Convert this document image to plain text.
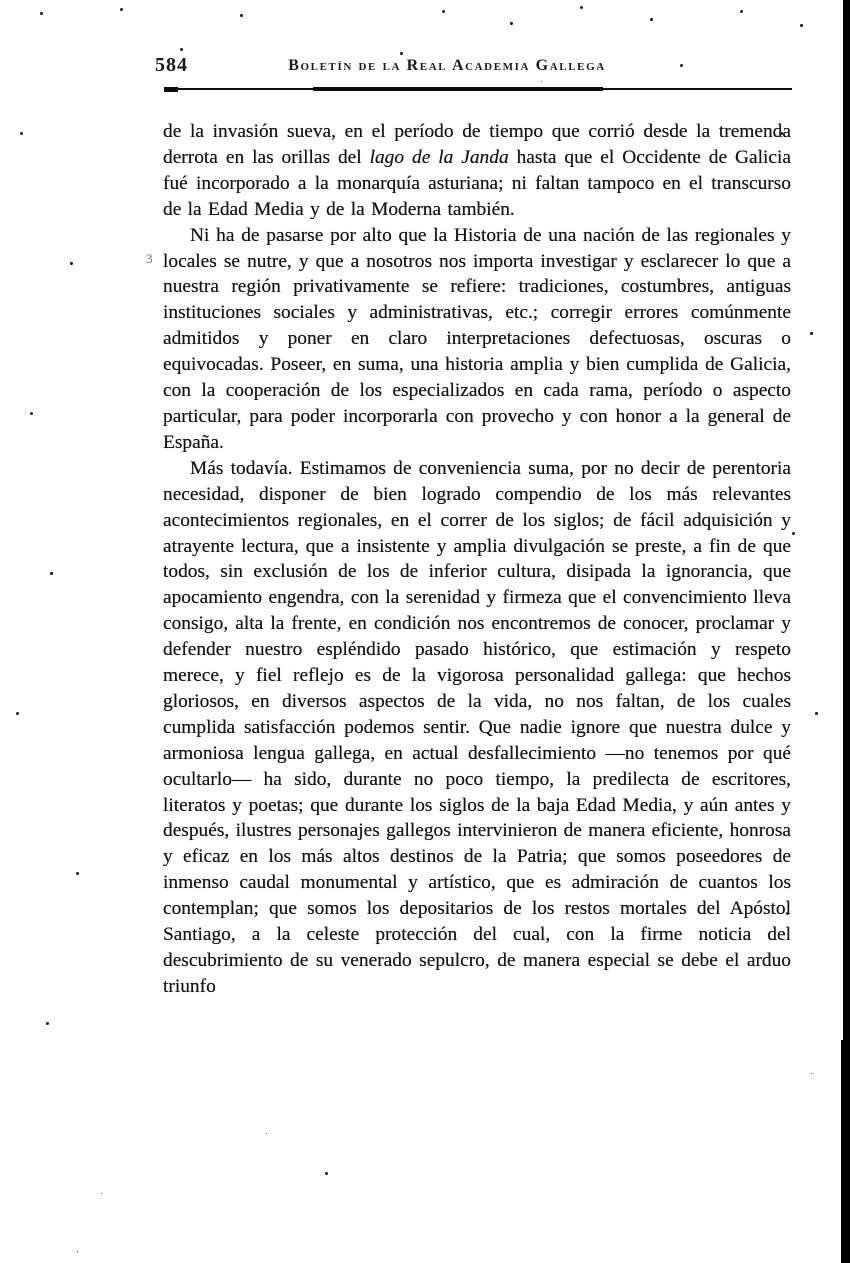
584	Boletín de la Real Academia Gallega
3

de la invasión sueva, en el período de tiempo que corrió desde la tremenda derrota en las orillas del lago de la Janda hasta que el Occidente de Galicia fué incorporado a la monarquía asturiana; ni faltan tampoco en el transcurso de la Edad Media y de la Moderna también.

Ni ha de pasarse por alto que la Historia de una nación de las regionales y locales se nutre, y que a nosotros nos importa investigar y esclarecer lo que a nuestra región privativamente se refiere: tradiciones, costumbres, antiguas instituciones sociales y administrativas, etc.; corregir errores comúnmente admitidos y poner en claro interpretaciones defectuosas, oscuras o equivocadas. Poseer, en suma, una historia amplia y bien cumplida de Galicia, con la cooperación de los especializados en cada rama, período o aspecto particular, para poder incorporarla con provecho y con honor a la general de España.

Más todavía. Estimamos de conveniencia suma, por no decir de perentoria necesidad, disponer de bien logrado compendio de los más relevantes acontecimientos regionales, en el correr de los siglos; de fácil adquisición y atrayente lectura, que a insistente y amplia divulgación se preste, a fin de que todos, sin exclusión de los de inferior cultura, disipada la ignorancia, que apocamiento engendra, con la serenidad y firmeza que el convencimiento lleva consigo, alta la frente, en condición nos encontremos de conocer, proclamar y defender nuestro espléndido pasado histórico, que estimación y respeto merece, y fiel reflejo es de la vigorosa personalidad gallega: que hechos gloriosos, en diversos aspectos de la vida, no nos faltan, de los cuales cumplida satisfacción podemos sentir. Que nadie ignore que nuestra dulce y armoniosa lengua gallega, en actual desfallecimiento —no tenemos por qué ocultarlo— ha sido, durante no poco tiempo, la predilecta de escritores, literatos y poetas; que durante los siglos de la baja Edad Media, y aún antes y después, ilustres personajes gallegos intervinieron de manera eficiente, honrosa y eficaz en los más altos destinos de la Patria; que somos poseedores de inmenso caudal monumental y artístico, que es admiración de cuantos los contemplan; que somos los depositarios de los restos mortales del Apóstol Santiago, a la celeste protección del cual, con la firme noticia del descubrimiento de su venerado sepulcro, de manera especial se debe el arduo triunfo
